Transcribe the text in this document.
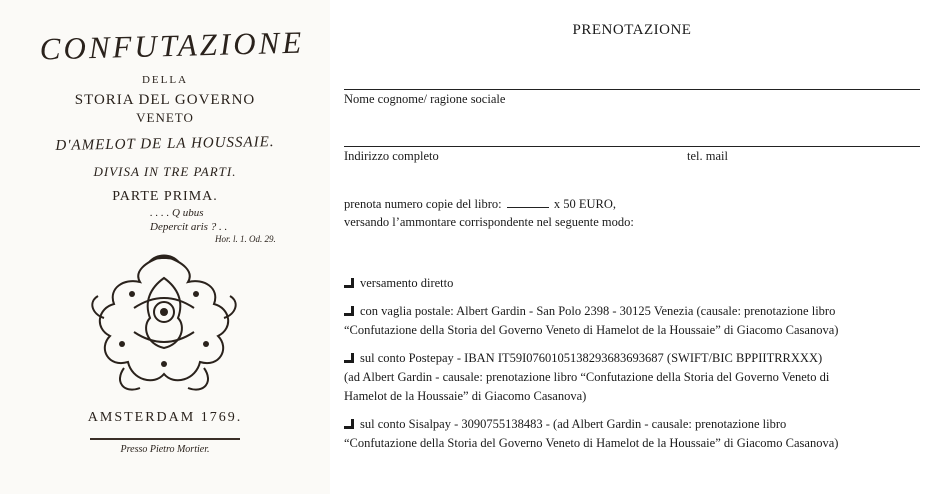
CONFUTAZIONE
DELLA
STORIA DEL GOVERNO
VENETO
D'AMELOT DE LA HOUSSAIE.
DIVISA IN TRE PARTI.
PARTE PRIMA.
. . . . Q ubus
Depercit aris ? . .
Hor. l. 1. Od. 29.
AMSTERDAM 1769.
Presso Pietro Mortier.
PRENOTAZIONE
Nome cognome/ ragione sociale
Indirizzo completo	tel. mail
prenota numero copie del libro:	x 50 EURO,
versando l’ammontare corrispondente nel seguente modo:
versamento diretto
con vaglia postale: Albert Gardin - San Polo 2398 - 30125 Venezia (causale: prenotazione libro
“Confutazione della Storia del Governo Veneto di Hamelot de la Houssaie” di Giacomo Casanova)
sul conto Postepay - IBAN IT59I0760105138293683693687 (SWIFT/BIC BPPIITRRXXX)
(ad Albert Gardin - causale: prenotazione libro “Confutazione della Storia del Governo Veneto di
Hamelot de la Houssaie” di Giacomo Casanova)
sul conto Sisalpay - 3090755138483 - (ad Albert Gardin - causale: prenotazione libro
“Confutazione della Storia del Governo Veneto di Hamelot de la Houssaie” di Giacomo Casanova)
